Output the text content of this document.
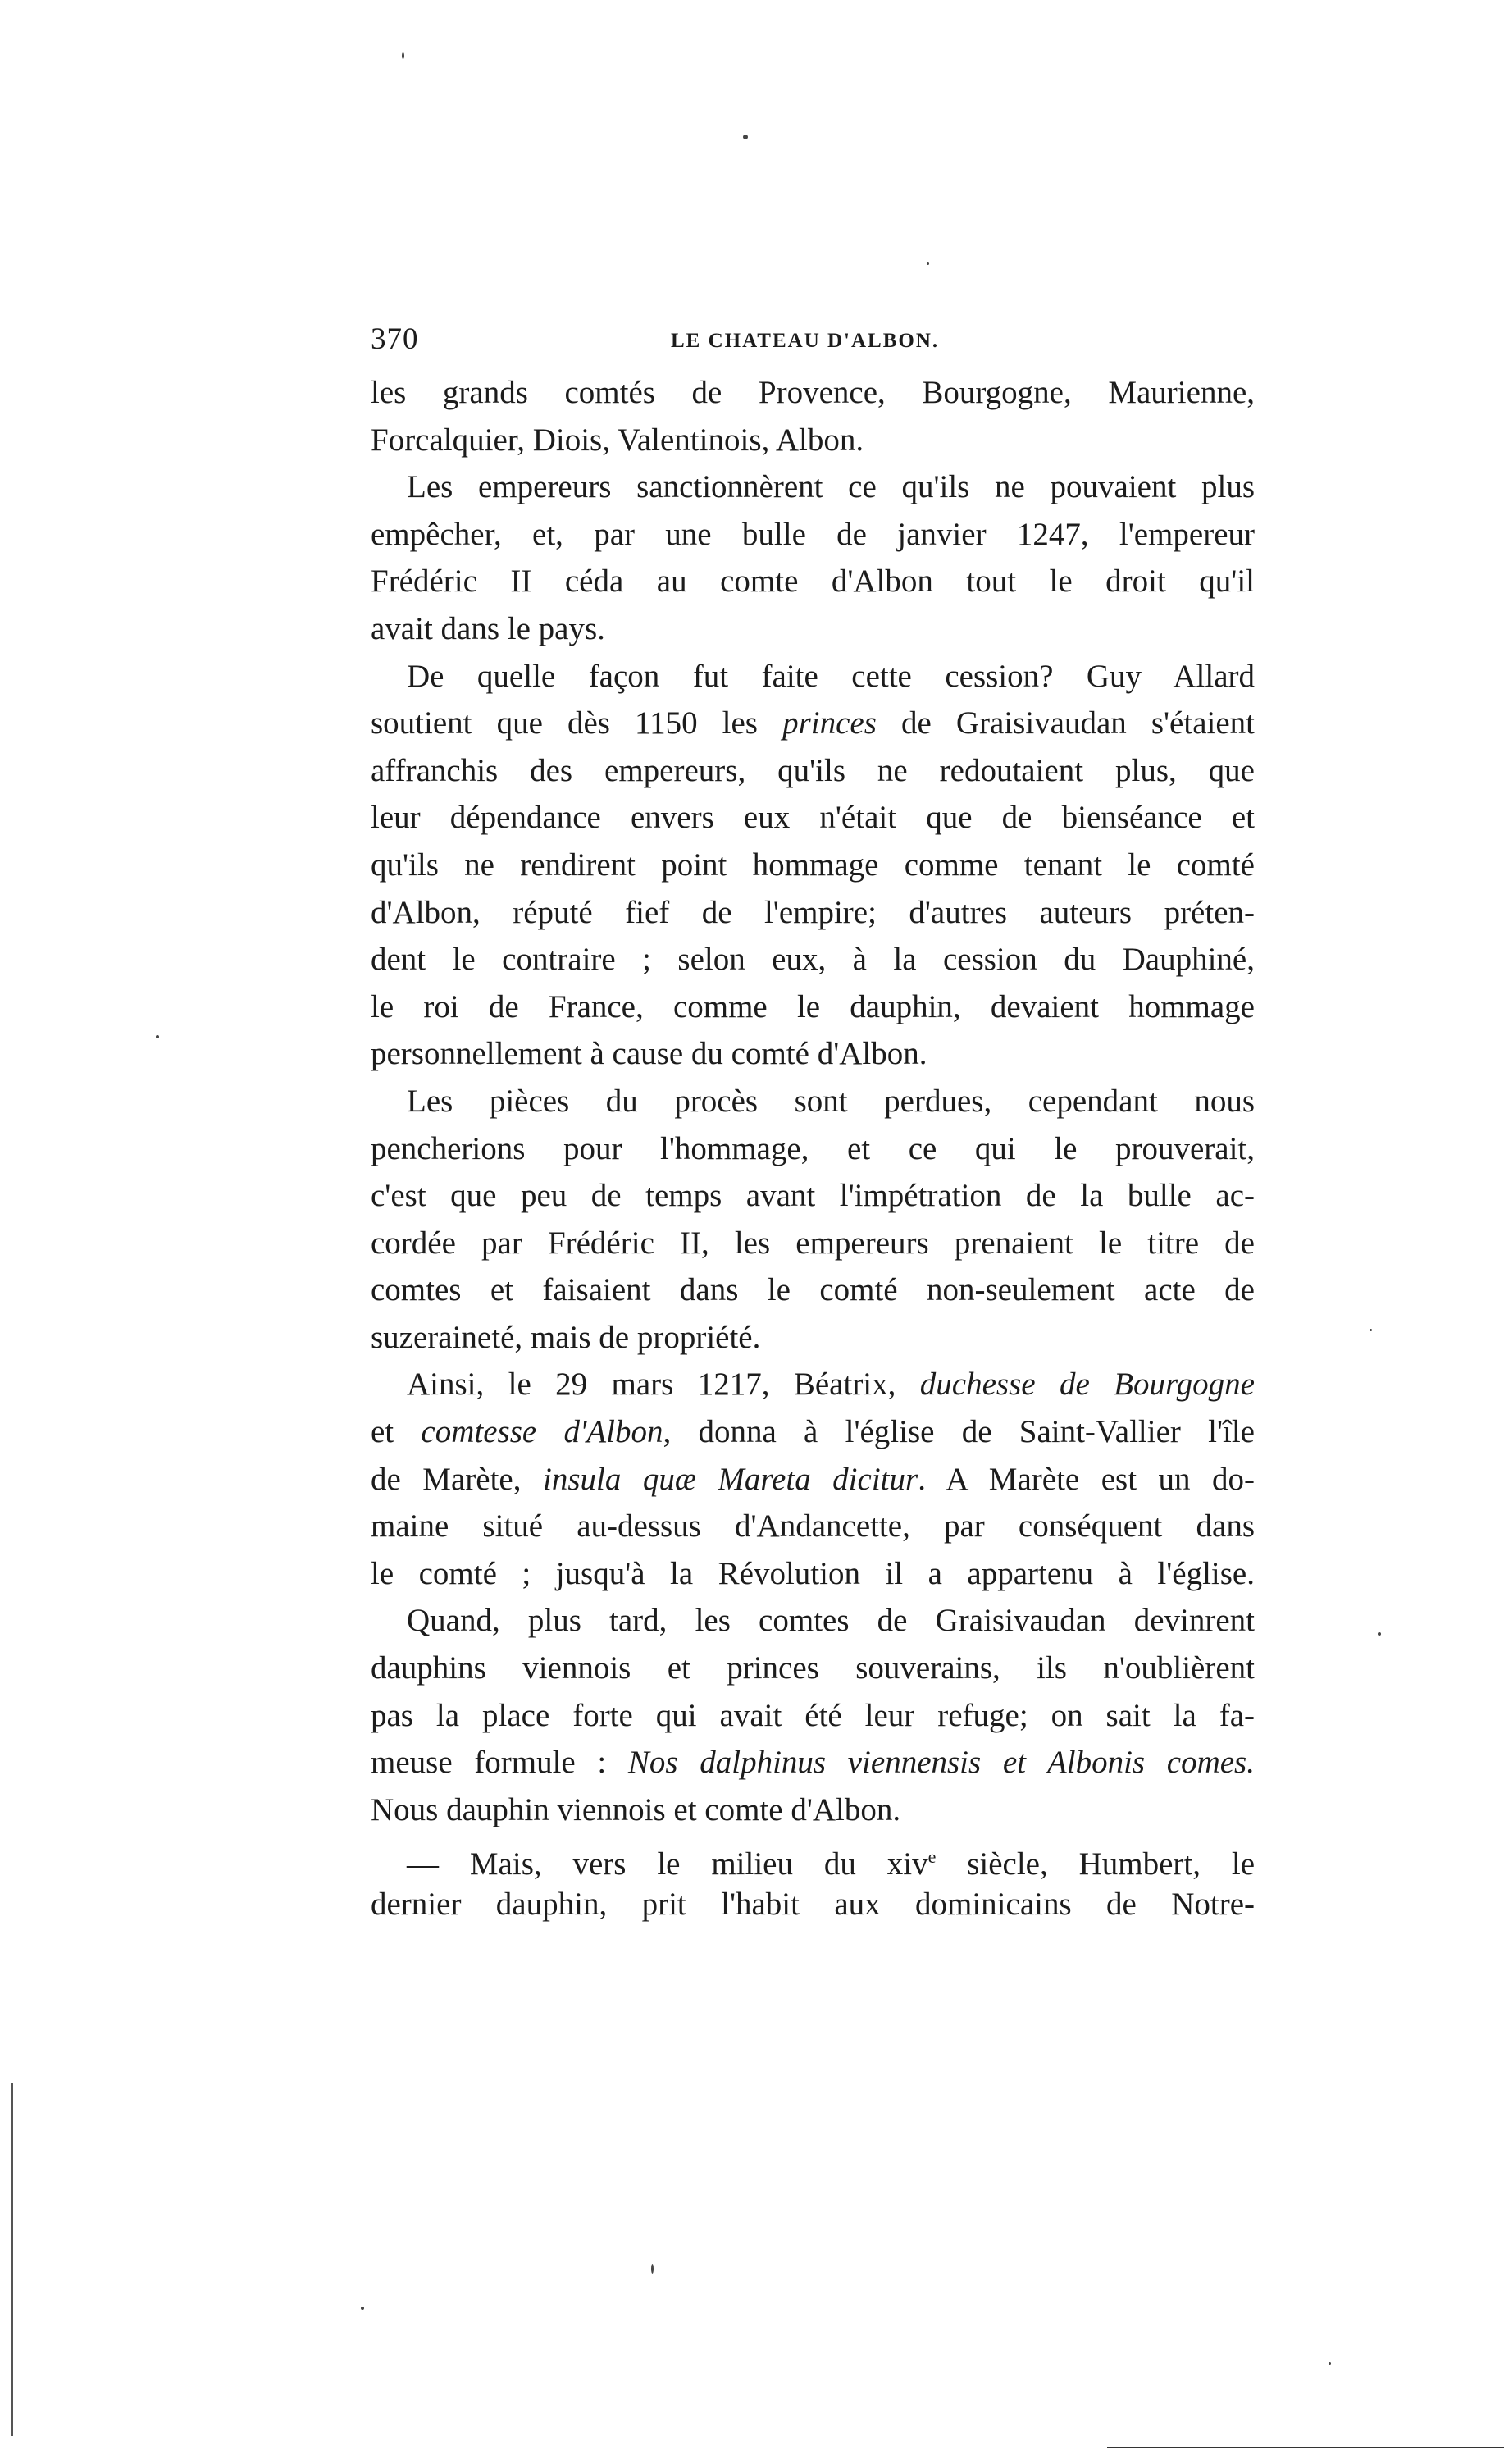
370	LE CHATEAU D'ALBON.
les grands comtés de Provence, Bourgogne, Maurienne,
Forcalquier, Diois, Valentinois, Albon.
Les empereurs sanctionnèrent ce qu'ils ne pouvaient plus
empêcher, et, par une bulle de janvier 1247, l'empereur
Frédéric II céda au comte d'Albon tout le droit qu'il
avait dans le pays.
De quelle façon fut faite cette cession? Guy Allard
soutient que dès 1150 les princes de Graisivaudan s'étaient
affranchis des empereurs, qu'ils ne redoutaient plus, que
leur dépendance envers eux n'était que de bienséance et
qu'ils ne rendirent point hommage comme tenant le comté
d'Albon, réputé fief de l'empire; d'autres auteurs préten-
dent le contraire ; selon eux, à la cession du Dauphiné,
le roi de France, comme le dauphin, devaient hommage
personnellement à cause du comté d'Albon.
Les pièces du procès sont perdues, cependant nous
pencherions pour l'hommage, et ce qui le prouverait,
c'est que peu de temps avant l'impétration de la bulle ac-
cordée par Frédéric II, les empereurs prenaient le titre de
comtes et faisaient dans le comté non-seulement acte de
suzeraineté, mais de propriété.
Ainsi, le 29 mars 1217, Béatrix, duchesse de Bourgogne
et comtesse d'Albon, donna à l'église de Saint-Vallier l'île
de Marète, insula quæ Mareta dicitur. A Marète est un do-
maine situé au-dessus d'Andancette, par conséquent dans
le comté ; jusqu'à la Révolution il a appartenu à l'église.
Quand, plus tard, les comtes de Graisivaudan devinrent
dauphins viennois et princes souverains, ils n'oublièrent
pas la place forte qui avait été leur refuge; on sait la fa-
meuse formule : Nos dalphinus viennensis et Albonis comes.
Nous dauphin viennois et comte d'Albon.
— Mais, vers le milieu du xiv$^e$ siècle, Humbert, le
dernier dauphin, prit l'habit aux dominicains de Notre-
